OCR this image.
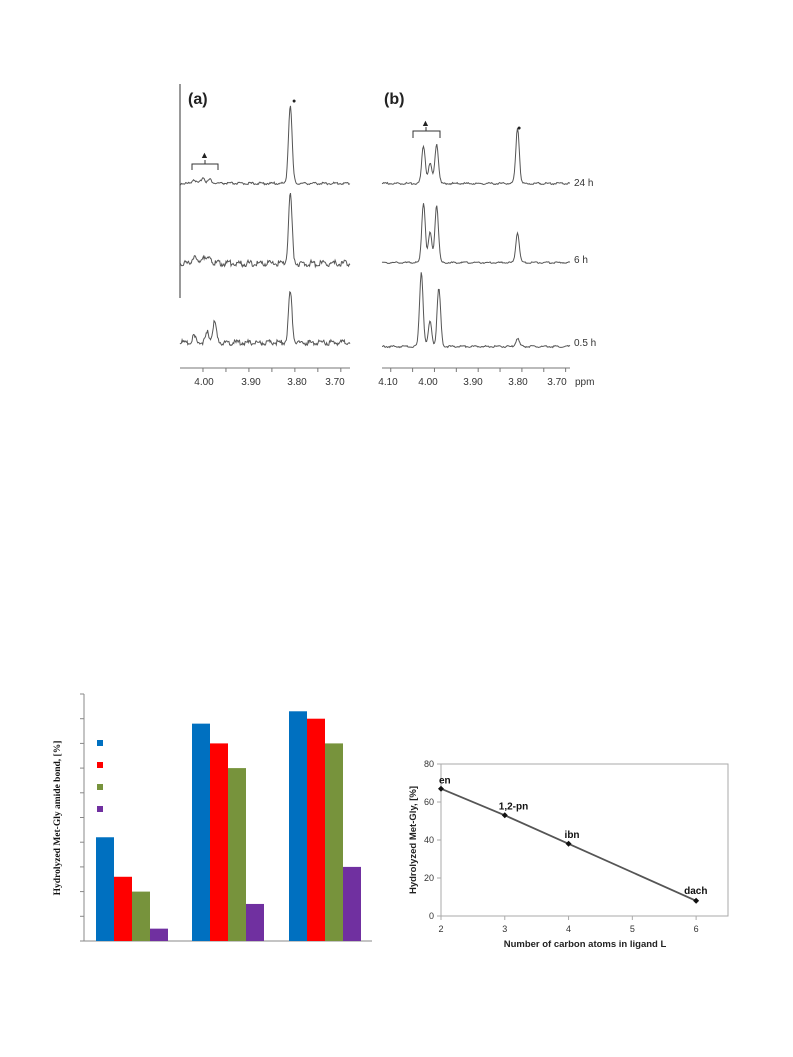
(a)	(b)
24 h
6 h
0.5 h
▲
●
▲
●
4.00	3.90	3.80 3.70	4.10 4.00	3.90	3.80 3.70 ppm
Hydrolyzed Met-Gly amide bond, [%]
2	3	4	5	6
0
20
40
60
80
en
1,2-pn
ibn
dach
Number of carbon atoms in ligand L
Hydrolyzed Met-Gly, [%]
